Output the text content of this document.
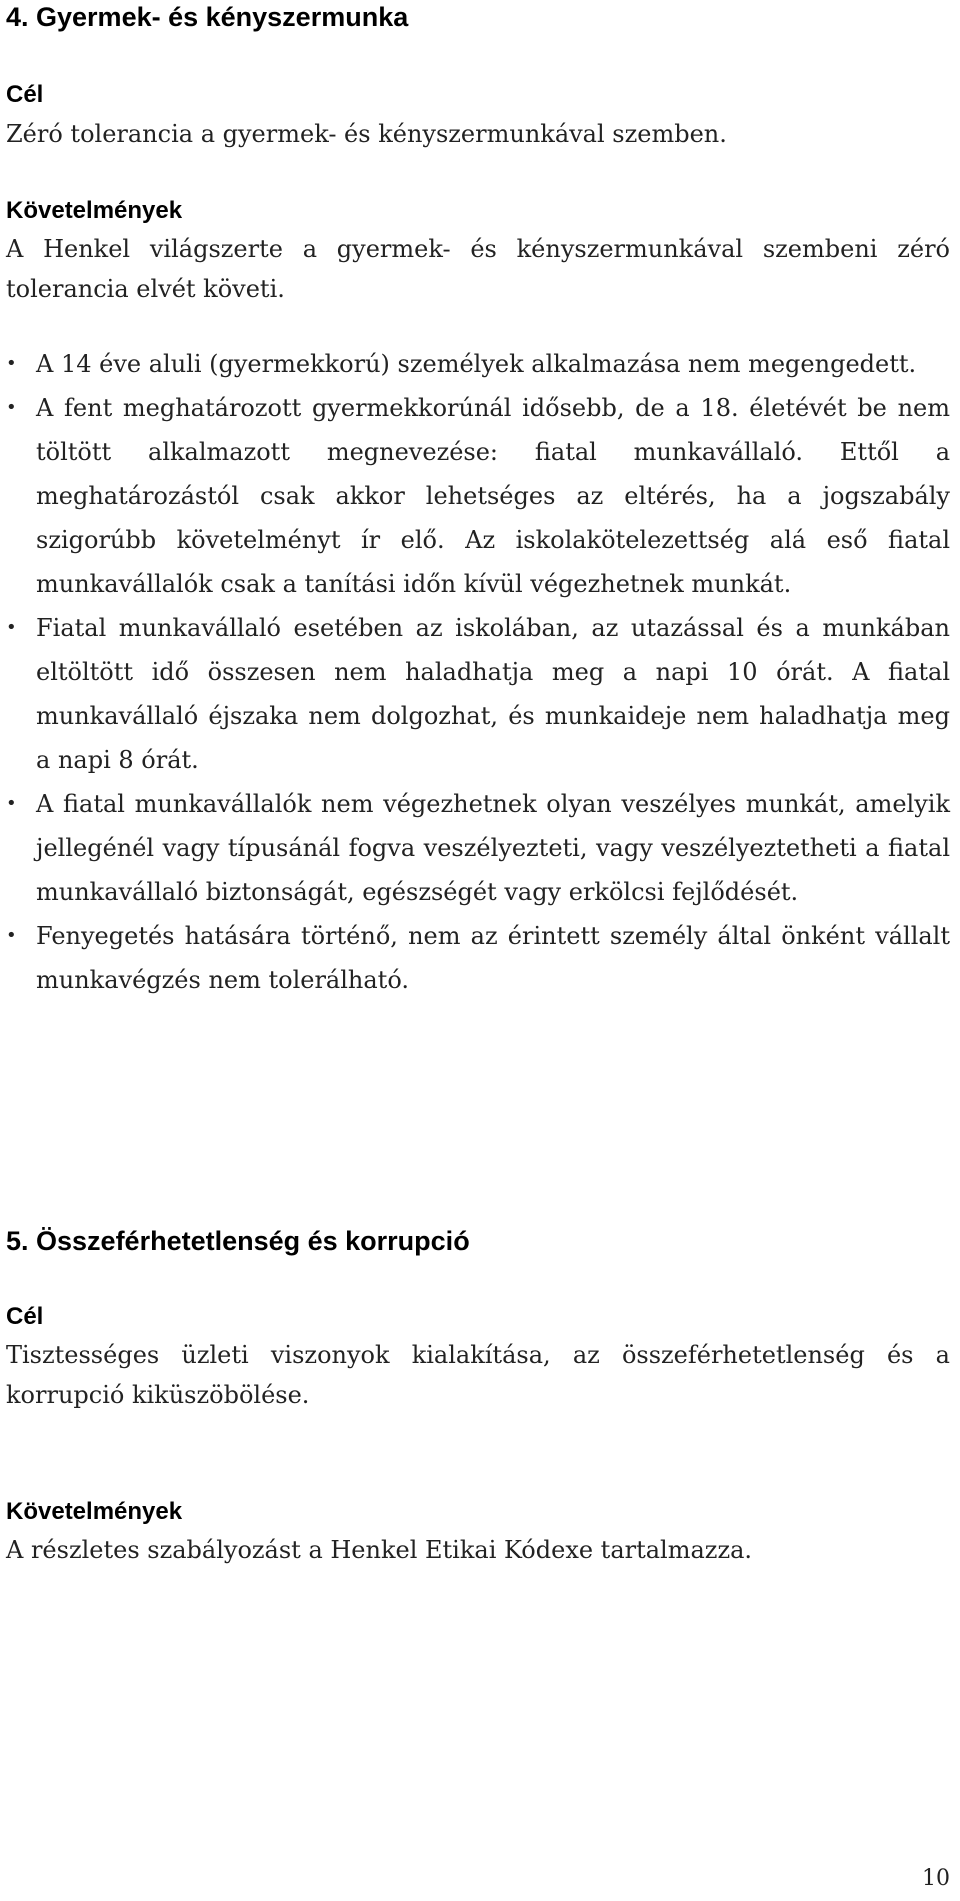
4. Gyermek- és kényszermunka
Cél

Zéró tolerancia a gyermek- és kényszermunkával szemben.

Követelmények

A Henkel világszerte a gyermek- és kényszermunkával szembeni zéró tolerancia elvét követi.

• A 14 éve aluli (gyermekkorú) személyek alkalmazása nem megengedett.
• A fent meghatározott gyermekkorúnál idősebb, de a 18. életévét be nem töltött alkalmazott megnevezése: fiatal munkavállaló. Ettől a meghatározástól csak akkor lehetséges az eltérés, ha a jogszabály szigorúbb követelményt ír elő. Az iskolakötelezettség alá eső fiatal munkavállalók csak a tanítási időn kívül végezhetnek munkát.
• Fiatal munkavállaló esetében az iskolában, az utazással és a munkában eltöltött idő összesen nem haladhatja meg a napi 10 órát. A fiatal munkavállaló éjszaka nem dolgozhat, és munkaideje nem haladhatja meg a napi 8 órát.
• A fiatal munkavállalók nem végezhetnek olyan veszélyes munkát, amelyik jellegénél vagy típusánál fogva veszélyezteti, vagy veszélyeztetheti a fiatal munkavállaló biztonságát, egészségét vagy erkölcsi fejlődését.
• Fenyegetés hatására történő, nem az érintett személy által önként vállalt munkavégzés nem tolerálható.
5. Összeférhetetlenség és korrupció
Cél

Tisztességes üzleti viszonyok kialakítása, az összeférhetetlenség és a korrupció kiküszöbölése.

Követelmények

A részletes szabályozást a Henkel Etikai Kódexe tartalmazza.

10
